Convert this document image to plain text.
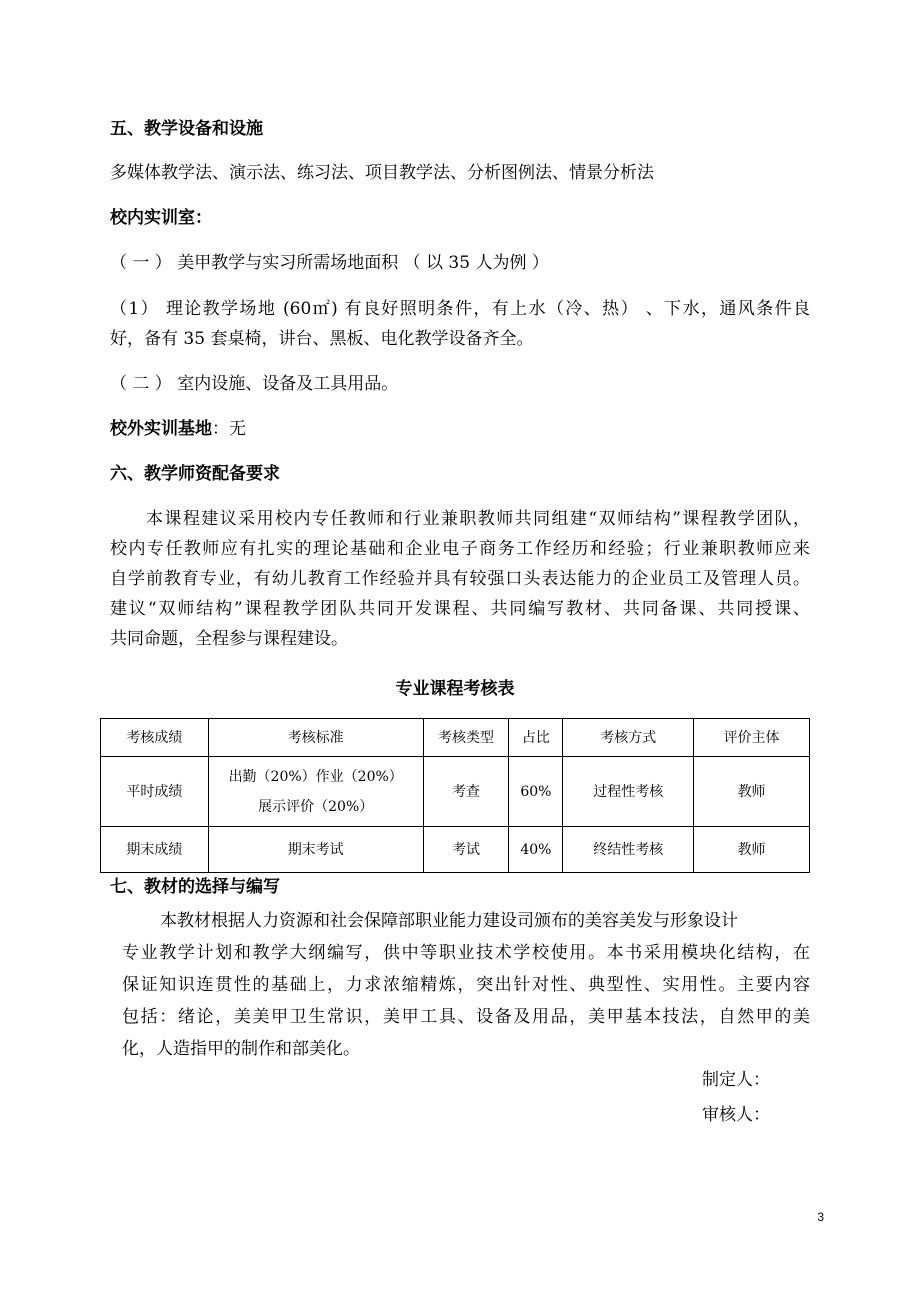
五、教学设备和设施

多媒体教学法、演示法、练习法、项目教学法、分析图例法、情景分析法

校内实训室：

（ 一 ） 美甲教学与实习所需场地面积 （ 以 35 人为例 ）

（1） 理论教学场地 (60㎡) 有良好照明条件，有上水（冷、热） 、下水，通风条件良

好，备有 35 套桌椅，讲台、黑板、电化教学设备齐全。

（ 二 ） 室内设施、设备及工具用品。

校外实训基地：无

六、教学师资配备要求

本课程建议采用校内专任教师和行业兼职教师共同组建“双师结构”课程教学团队，

校内专任教师应有扎实的理论基础和企业电子商务工作经历和经验；行业兼职教师应来

自学前教育专业，有幼儿教育工作经验并具有较强口头表达能力的企业员工及管理人员。

建议“双师结构”课程教学团队共同开发课程、共同编写教材、共同备课、共同授课、

共同命题，全程参与课程建设。

专业课程考核表
考核成绩	考核标准	考核类型	占比	考核方式	评价主体
平时成绩	出勤（20%）作业（20%）
展示评价（20%）	考查	60%	过程性考核	教师
期末成绩	期末考试	考试	40%	终结性考核	教师

七、教材的选择与编写

本教材根据人力资源和社会保障部职业能力建设司颁布的美容美发与形象设计

专业教学计划和教学大纲编写，供中等职业技术学校使用。本书采用模块化结构，在

保证知识连贯性的基础上，力求浓缩精炼，突出针对性、典型性、实用性。主要内容

包括：绪论，美美甲卫生常识，美甲工具、设备及用品，美甲基本技法，自然甲的美

化，人造指甲的制作和部美化。

制定人：

审核人：

3
